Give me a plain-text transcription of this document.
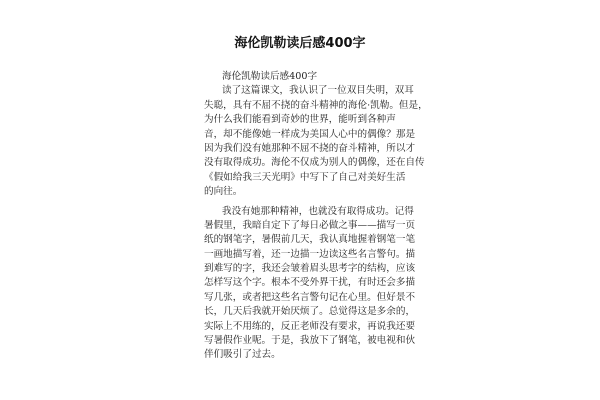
海伦凯勒读后感400字
海伦凯勒读后感400字
读了这篇课文，我认识了一位双目失明，双耳
失聪，具有不屈不挠的奋斗精神的海伦·凯勒。但是，
为什么我们能看到奇妙的世界，能听到各种声
音，却不能像她一样成为美国人心中的偶像？那是
因为我们没有她那种不屈不挠的奋斗精神，所以才
没有取得成功。海伦不仅成为别人的偶像，还在自传
《假如给我三天光明》中写下了自己对美好生活
的向往。
我没有她那种精神，也就没有取得成功。记得
暑假里，我暗自定下了每日必做之事——描写一页
纸的钢笔字，暑假前几天，我认真地握着钢笔一笔
一画地描写着，还一边描一边读这些名言警句。描
到难写的字，我还会皱着眉头思考字的结构，应该
怎样写这个字。根本不受外界干扰，有时还会多描
写几张，或者把这些名言警句记在心里。但好景不
长，几天后我就开始厌烦了。总觉得这是多余的，
实际上不用练的，反正老师没有要求，再说我还要
写暑假作业呢。于是，我放下了钢笔，被电视和伙
伴们吸引了过去。
